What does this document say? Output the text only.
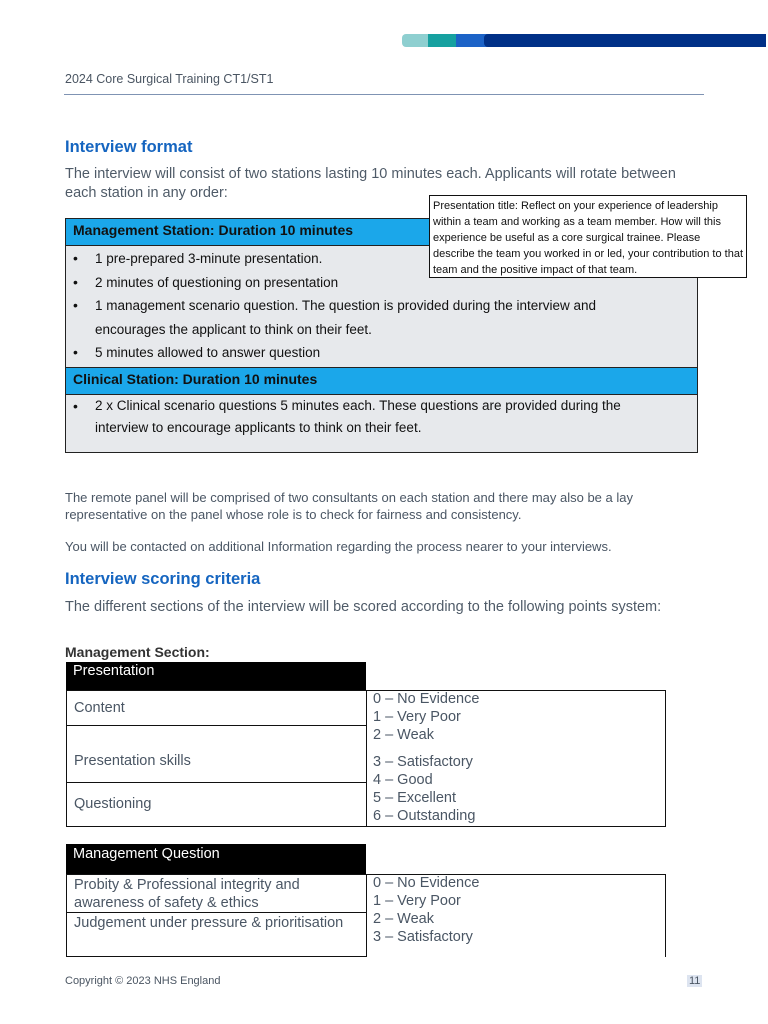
2024 Core Surgical Training CT1/ST1
Interview format
The interview will consist of two stations lasting 10 minutes each. Applicants will rotate between each station in any order:
Management Station: Duration 10 minutes
• 1 pre-prepared 3-minute presentation.
• 2 minutes of questioning on presentation
• 1 management scenario question. The question is provided during the interview and encourages the applicant to think on their feet.
• 5 minutes allowed to answer question
Clinical Station: Duration 10 minutes
• 2 x Clinical scenario questions 5 minutes each. These questions are provided during the interview to encourage applicants to think on their feet.
Presentation title: Reflect on your experience of leadership within a team and working as a team member. How will this experience be useful as a core surgical trainee. Please describe the team you worked in or led, your contribution to that team and the positive impact of that team.
The remote panel will be comprised of two consultants on each station and there may also be a lay representative on the panel whose role is to check for fairness and consistency.
You will be contacted on additional Information regarding the process nearer to your interviews.
Interview scoring criteria
The different sections of the interview will be scored according to the following points system:
Management Section:
Presentation
Content
Presentation skills
Questioning
0 – No Evidence
1 – Very Poor
2 – Weak
3 – Satisfactory
4 – Good
5 – Excellent
6 – Outstanding
Management Question
Probity & Professional integrity and awareness of safety & ethics
Judgement under pressure & prioritisation
0 – No Evidence
1 – Very Poor
2 – Weak
3 – Satisfactory
Copyright © 2023 NHS England	11
